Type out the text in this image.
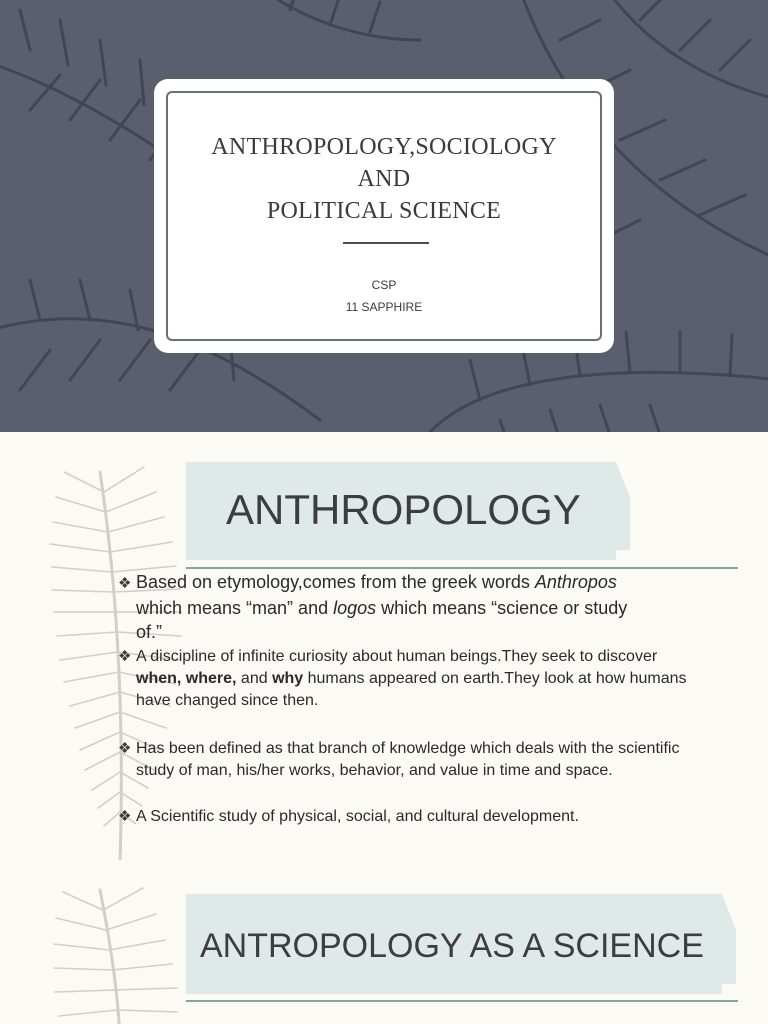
ANTHROPOLOGY,SOCIOLOGY
AND
POLITICAL SCIENCE
CSP
11 SAPPHIRE
ANTHROPOLOGY
❖ Based on etymology,comes from the greek words Anthropos
which means “man” and logos which means “science or study
of.”
❖ A discipline of infinite curiosity about human beings.They seek to discover
when, where, and why humans appeared on earth.They look at how humans
have changed since then.
❖ Has been defined as that branch of knowledge which deals with the scientific
study of man, his/her works, behavior, and value in time and space.
❖ A Scientific study of physical, social, and cultural development.
ANTROPOLOGY AS A SCIENCE
